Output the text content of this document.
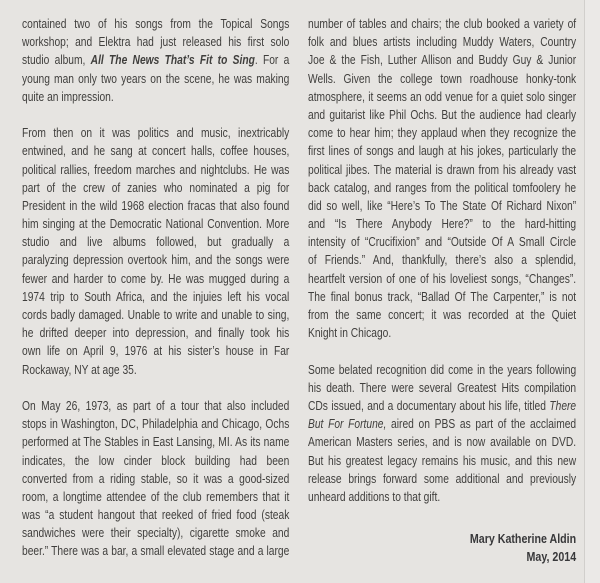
contained two of his songs from the Topical Songs
workshop; and Elektra had just released his first solo
studio album, All The News That’s Fit to Sing. For a
young man only two years on the scene, he was making
quite an impression.
From then on it was politics and music, inextricably
entwined, and he sang at concert halls, coffee houses,
political rallies, freedom marches and nightclubs. He was
part of the crew of zanies who nominated a pig for
President in the wild 1968 election fracas that also found
him singing at the Democratic National Convention. More
studio and live albums followed, but gradually a
paralyzing depression overtook him, and the songs were
fewer and harder to come by. He was mugged during a
1974 trip to South Africa, and the injuies left his vocal
cords badly damaged. Unable to write and unable to sing,
he drifted deeper into depression, and finally took his
own life on April 9, 1976 at his sister’s house in Far
Rockaway, NY at age 35.
On May 26, 1973, as part of a tour that also included
stops in Washington, DC, Philadelphia and Chicago, Ochs
performed at The Stables in East Lansing, MI. As its name
indicates, the low cinder block building had been
converted from a riding stable, so it was a good-sized
room, a longtime attendee of the club remembers that it
was “a student hangout that reeked of fried food (steak
sandwiches were their specialty), cigarette smoke and
beer.” There was a bar, a small elevated stage and a large
number of tables and chairs; the club booked a variety of
folk and blues artists including Muddy Waters, Country
Joe & the Fish, Luther Allison and Buddy Guy & Junior
Wells. Given the college town roadhouse honky-tonk
atmosphere, it seems an odd venue for a quiet solo singer
and guitarist like Phil Ochs. But the audience had clearly
come to hear him; they applaud when they recognize the
first lines of songs and laugh at his jokes, particularly the
political jibes. The material is drawn from his already vast
back catalog, and ranges from the political tomfoolery he
did so well, like “Here’s To The State Of Richard Nixon”
and “Is There Anybody Here?” to the hard-hitting
intensity of “Crucifixion” and “Outside Of A Small Circle
of Friends.” And, thankfully, there’s also a splendid,
heartfelt version of one of his loveliest songs, “Changes”.
The final bonus track, “Ballad Of The Carpenter,” is not
from the same concert; it was recorded at the Quiet
Knight in Chicago.
Some belated recognition did come in the years following
his death. There were several Greatest Hits compilation
CDs issued, and a documentary about his life, titled There
But For Fortune, aired on PBS as part of the acclaimed
American Masters series, and is now available on DVD.
But his greatest legacy remains his music, and this new
release brings forward some additional and previously
unheard additions to that gift.
Mary Katherine Aldin
May, 2014
